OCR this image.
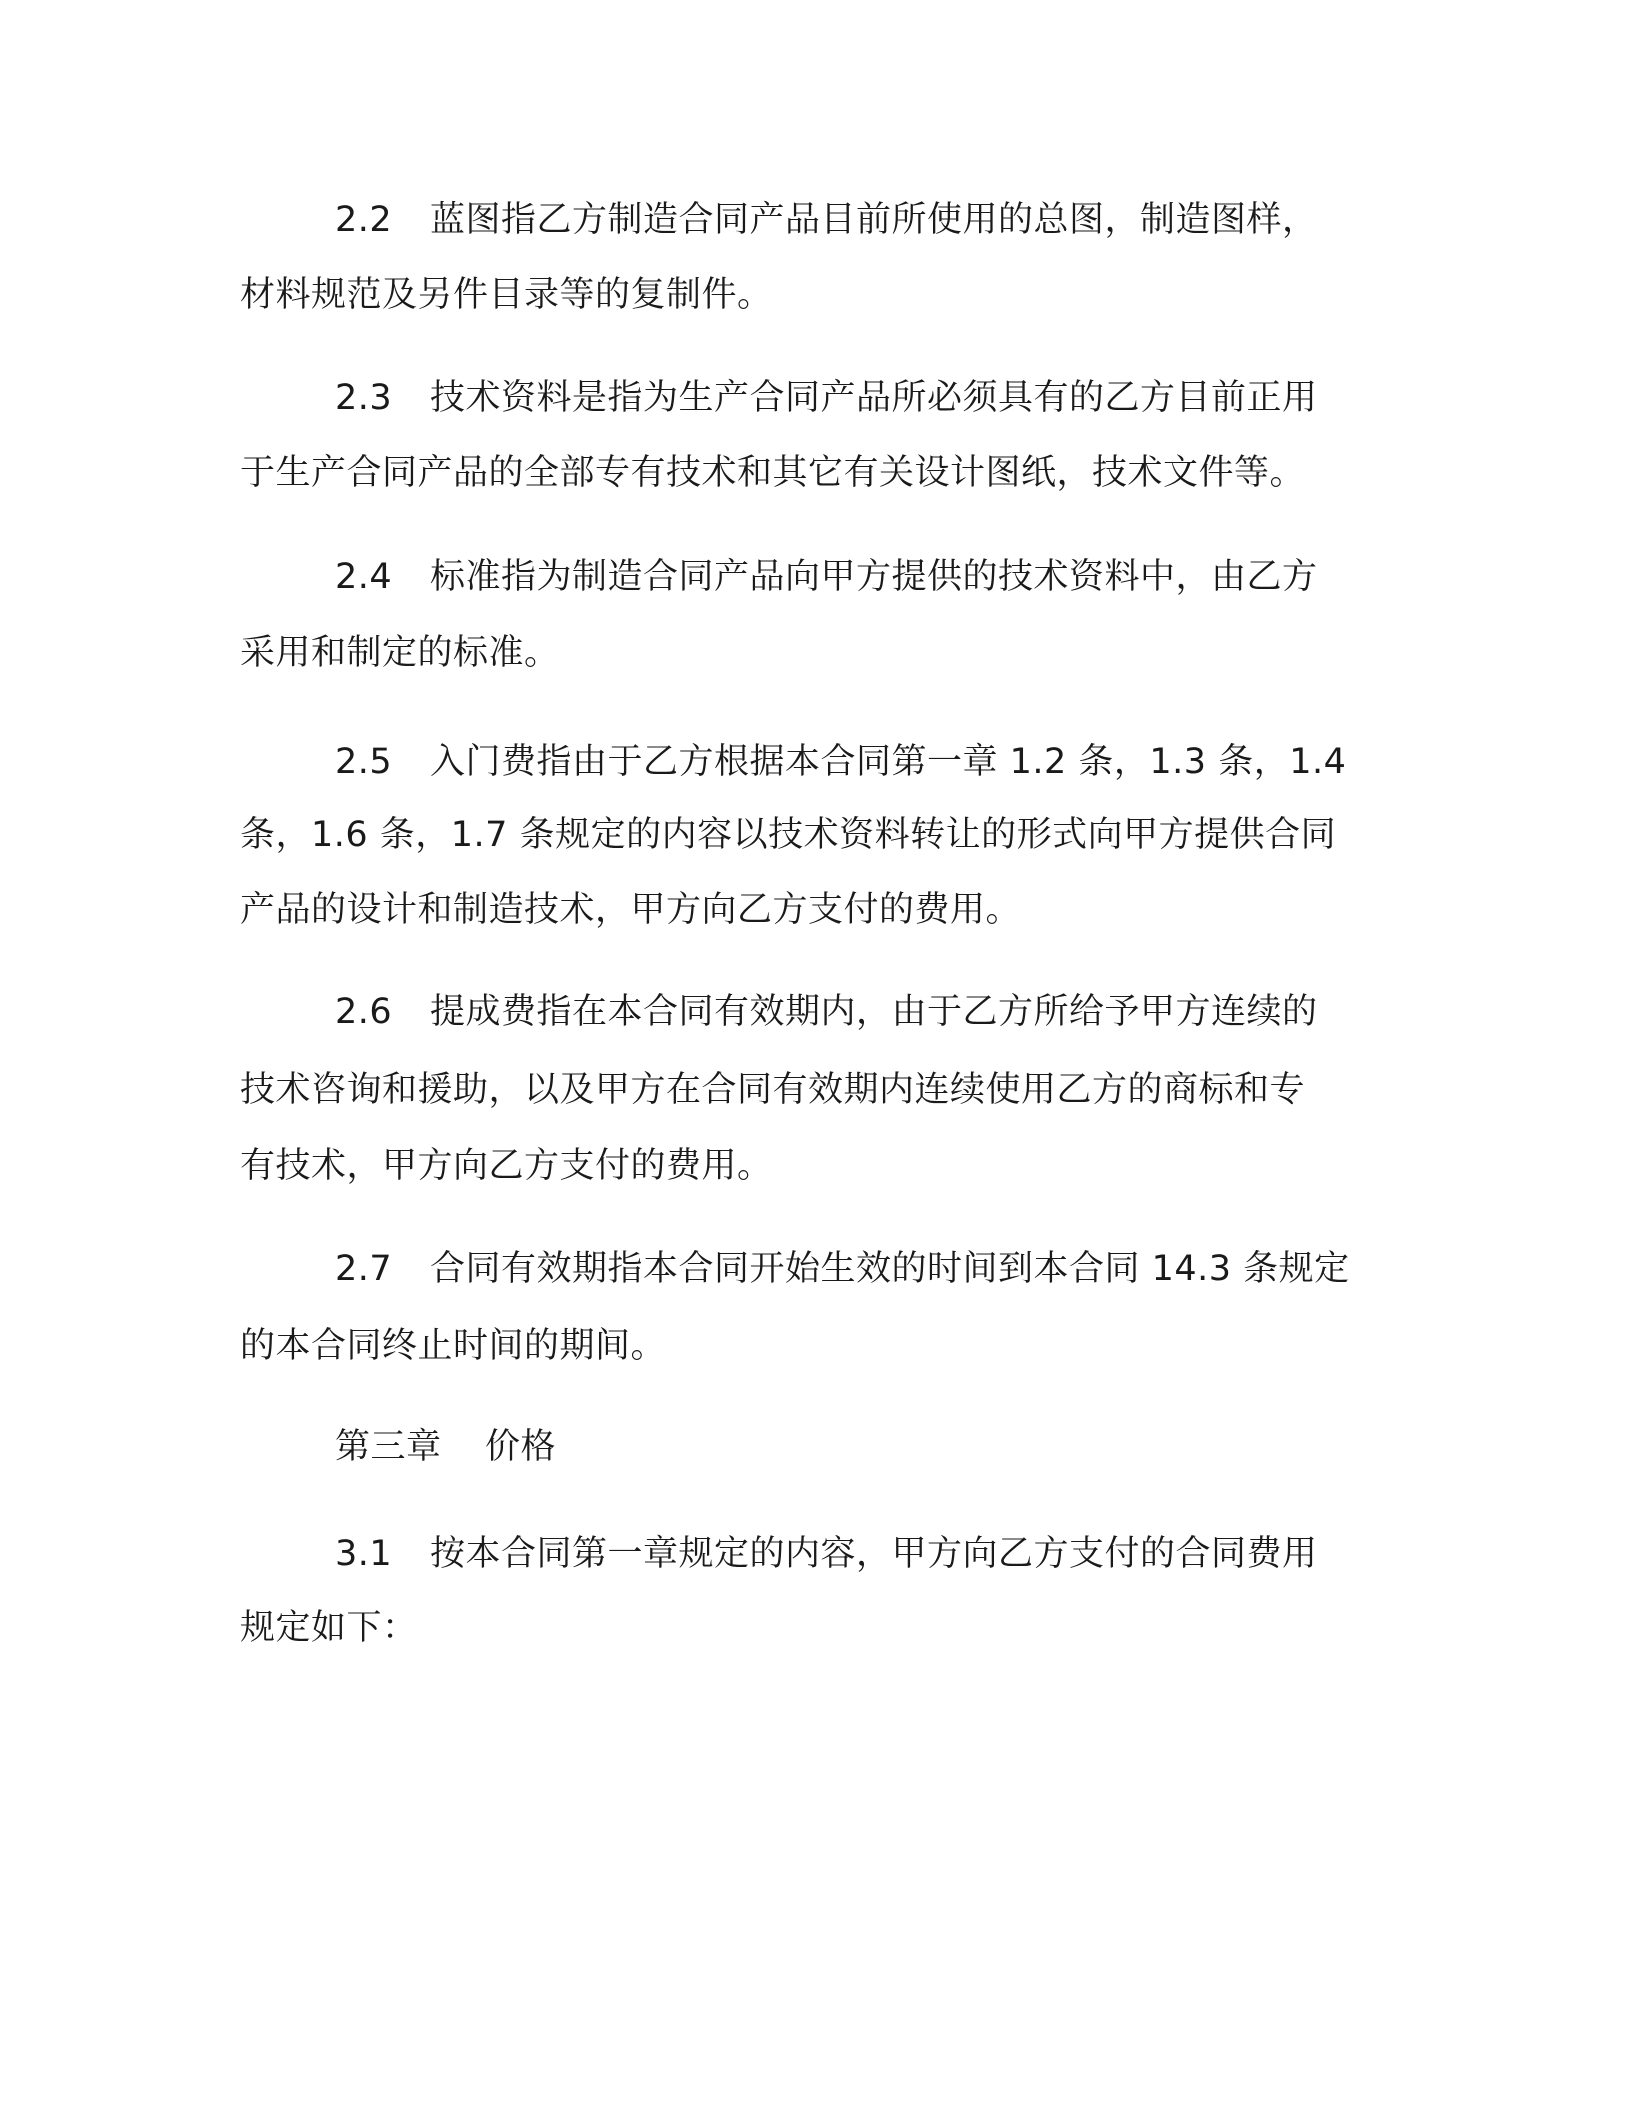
2.2 蓝图指乙方制造合同产品目前所使用的总图，制造图样，
材料规范及另件目录等的复制件。
2.3 技术资料是指为生产合同产品所必须具有的乙方目前正用
于生产合同产品的全部专有技术和其它有关设计图纸，技术文件等。
2.4 标准指为制造合同产品向甲方提供的技术资料中，由乙方
采用和制定的标准。
2.5 入门费指由于乙方根据本合同第一章 1.2 条，1.3 条，1.4
条，1.6 条，1.7 条规定的内容以技术资料转让的形式向甲方提供合同
产品的设计和制造技术，甲方向乙方支付的费用。
2.6 提成费指在本合同有效期内，由于乙方所给予甲方连续的
技术咨询和援助，以及甲方在合同有效期内连续使用乙方的商标和专
有技术，甲方向乙方支付的费用。
2.7 合同有效期指本合同开始生效的时间到本合同 14.3 条规定
的本合同终止时间的期间。
第三章 价格
3.1 按本合同第一章规定的内容，甲方向乙方支付的合同费用
规定如下：
